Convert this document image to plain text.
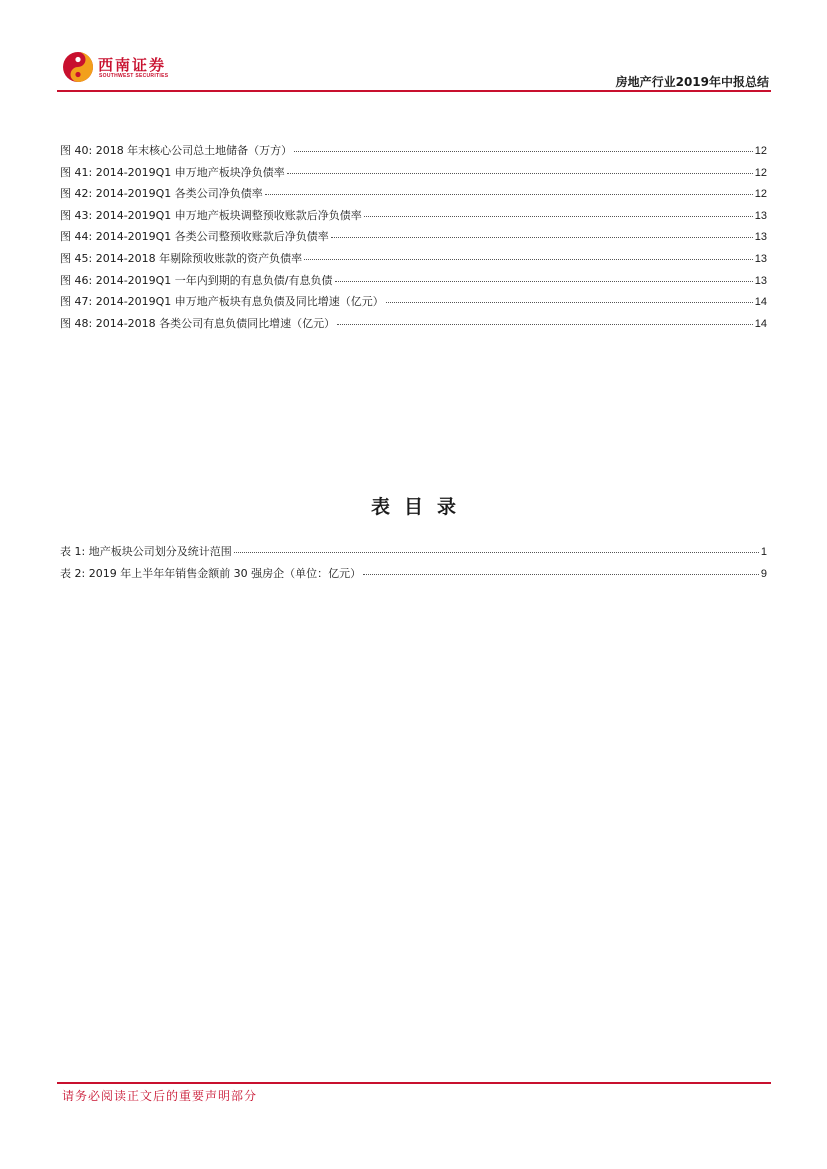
西南证券
SOUTHWEST SECURITIES	房地产行业2019年中报总结
图 40: 2018 年末核心公司总土地储备（万方）	12
图 41: 2014-2019Q1 申万地产板块净负债率	12
图 42: 2014-2019Q1 各类公司净负债率	12
图 43: 2014-2019Q1 申万地产板块调整预收账款后净负债率	13
图 44: 2014-2019Q1 各类公司整预收账款后净负债率	13
图 45: 2014-2018 年剔除预收账款的资产负债率	13
图 46: 2014-2019Q1 一年内到期的有息负债/有息负债	13
图 47: 2014-2019Q1 申万地产板块有息负债及同比增速（亿元）	14
图 48: 2014-2018 各类公司有息负债同比增速（亿元）	14
表目录
表 1: 地产板块公司划分及统计范围	1
表 2: 2019 年上半年年销售金额前 30 强房企（单位：亿元）	9
请务必阅读正文后的重要声明部分
